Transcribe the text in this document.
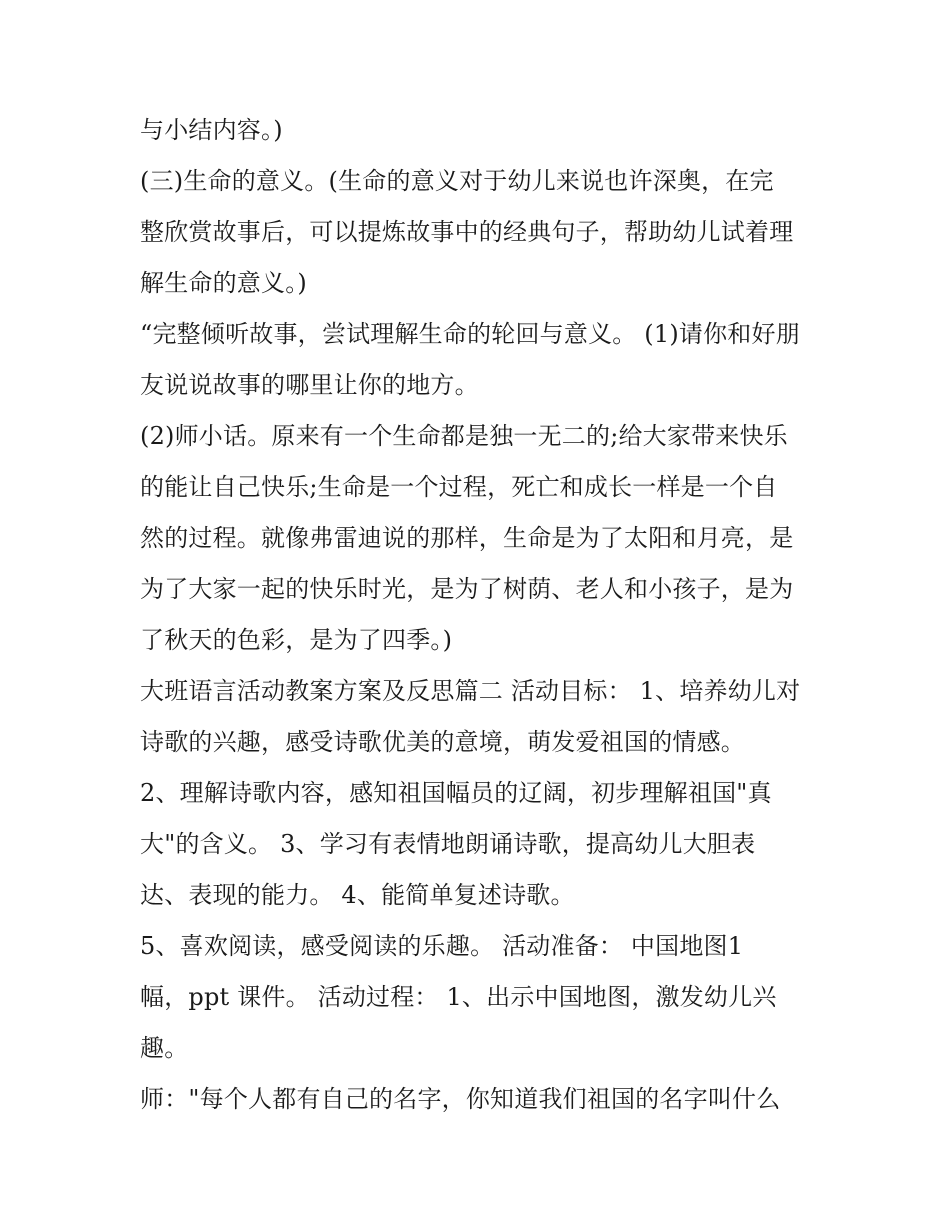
与小结内容。)
(三)生命的意义。(生命的意义对于幼儿来说也许深奥，在完
整欣赏故事后，可以提炼故事中的经典句子，帮助幼儿试着理
解生命的意义。)
“完整倾听故事，尝试理解生命的轮回与意义。 (1)请你和好朋
友说说故事的哪里让你的地方。
(2)师小话。原来有一个生命都是独一无二的;给大家带来快乐
的能让自己快乐;生命是一个过程，死亡和成长一样是一个自
然的过程。就像弗雷迪说的那样，生命是为了太阳和月亮，是
为了大家一起的快乐时光，是为了树荫、老人和小孩子，是为
了秋天的色彩，是为了四季。)
大班语言活动教案方案及反思篇二 活动目标： 1、培养幼儿对
诗歌的兴趣，感受诗歌优美的意境，萌发爱祖国的情感。
2、理解诗歌内容，感知祖国幅员的辽阔，初步理解祖国"真
大"的含义。 3、学习有表情地朗诵诗歌，提高幼儿大胆表
达、表现的能力。 4、能简单复述诗歌。
5、喜欢阅读，感受阅读的乐趣。 活动准备： 中国地图1
幅，ppt 课件。 活动过程： 1、出示中国地图，激发幼儿兴
趣。
师："每个人都有自己的名字，你知道我们祖国的名字叫什么
